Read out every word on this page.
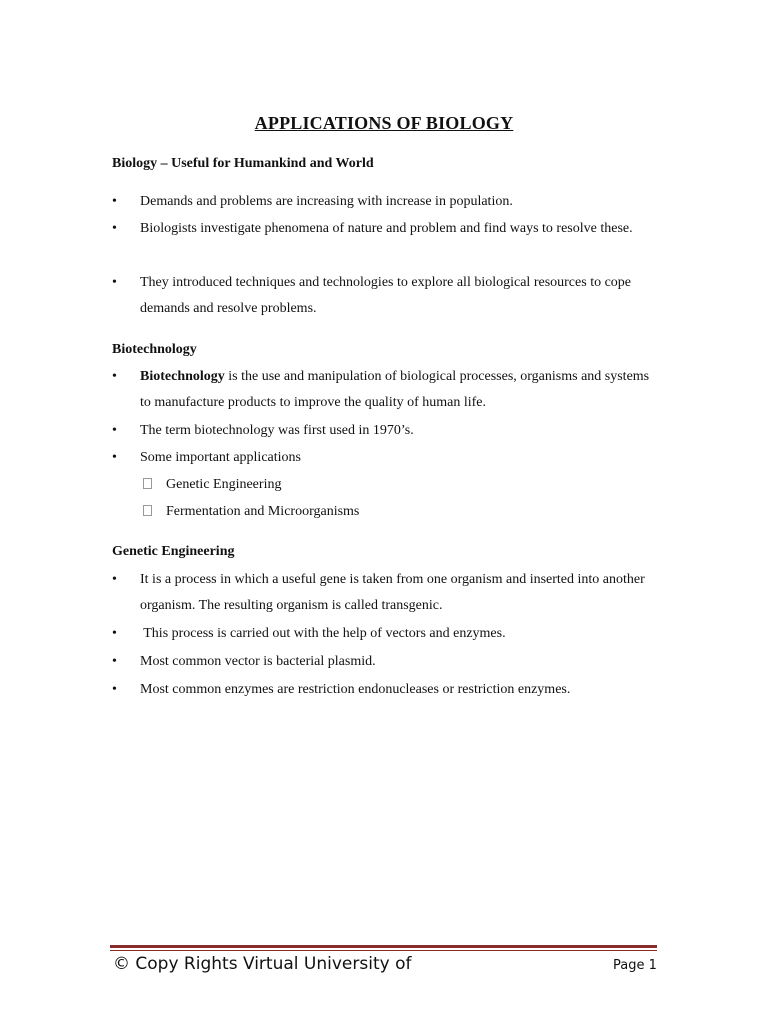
APPLICATIONS OF BIOLOGY
Biology – Useful for Humankind and World
•	Demands and problems are increasing with increase in population.
•	Biologists investigate phenomena of nature and problem and find ways to resolve these.
•	They introduced techniques and technologies to explore all biological resources to cope demands and resolve problems.
Biotechnology
•	Biotechnology is the use and manipulation of biological processes, organisms and systems to manufacture products to improve the quality of human life.
•	The term biotechnology was first used in 1970’s.
•	Some important applications
Genetic Engineering
Fermentation and Microorganisms
Genetic Engineering
•	It is a process in which a useful gene is taken from one organism and inserted into another organism. The resulting organism is called transgenic.
•	This process is carried out with the help of vectors and enzymes.
•	Most common vector is bacterial plasmid.
•	Most common enzymes are restriction endonucleases or restriction enzymes.
© Copy Rights Virtual University of	Page 1
